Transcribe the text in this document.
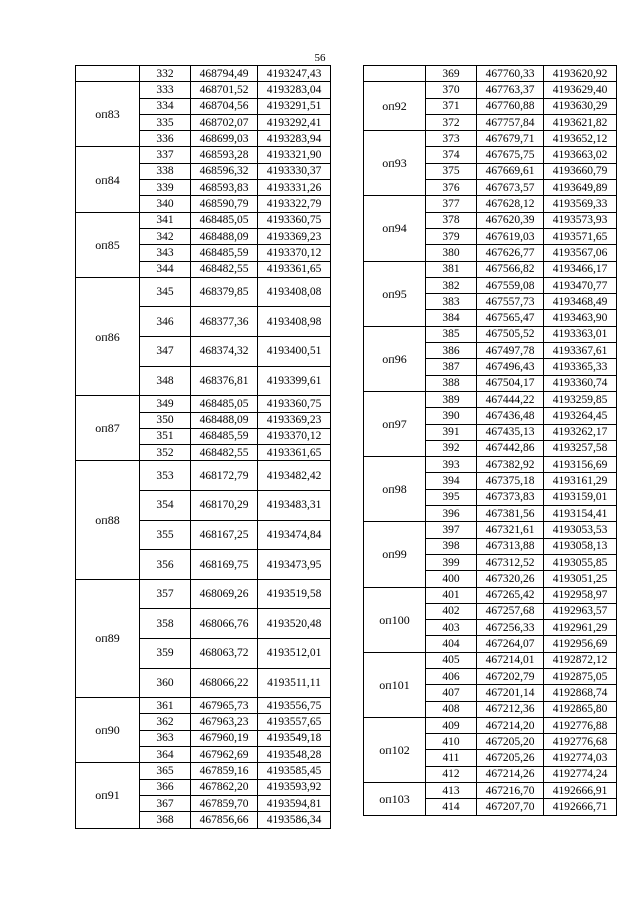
56
	332	468794,49	4193247,43
оп83	333	468701,52	4193283,04
	334	468704,56	4193291,51
	335	468702,07	4193292,41
	336	468699,03	4193283,94
оп84	337	468593,28	4193321,90
	338	468596,32	4193330,37
	339	468593,83	4193331,26
	340	468590,79	4193322,79
оп85	341	468485,05	4193360,75
	342	468488,09	4193369,23
	343	468485,59	4193370,12
	344	468482,55	4193361,65
оп86	345	468379,85	4193408,08
	346	468377,36	4193408,98
	347	468374,32	4193400,51
	348	468376,81	4193399,61
оп87	349	468485,05	4193360,75
	350	468488,09	4193369,23
	351	468485,59	4193370,12
	352	468482,55	4193361,65
оп88	353	468172,79	4193482,42
	354	468170,29	4193483,31
	355	468167,25	4193474,84
	356	468169,75	4193473,95
оп89	357	468069,26	4193519,58
	358	468066,76	4193520,48
	359	468063,72	4193512,01
	360	468066,22	4193511,11
оп90	361	467965,73	4193556,75
	362	467963,23	4193557,65
	363	467960,19	4193549,18
	364	467962,69	4193548,28
оп91	365	467859,16	4193585,45
	366	467862,20	4193593,92
	367	467859,70	4193594,81
	368	467856,66	4193586,34
	369	467760,33	4193620,92
оп92	370	467763,37	4193629,40
	371	467760,88	4193630,29
	372	467757,84	4193621,82
оп93	373	467679,71	4193652,12
	374	467675,75	4193663,02
	375	467669,61	4193660,79
	376	467673,57	4193649,89
оп94	377	467628,12	4193569,33
	378	467620,39	4193573,93
	379	467619,03	4193571,65
	380	467626,77	4193567,06
оп95	381	467566,82	4193466,17
	382	467559,08	4193470,77
	383	467557,73	4193468,49
	384	467565,47	4193463,90
оп96	385	467505,52	4193363,01
	386	467497,78	4193367,61
	387	467496,43	4193365,33
	388	467504,17	4193360,74
оп97	389	467444,22	4193259,85
	390	467436,48	4193264,45
	391	467435,13	4193262,17
	392	467442,86	4193257,58
оп98	393	467382,92	4193156,69
	394	467375,18	4193161,29
	395	467373,83	4193159,01
	396	467381,56	4193154,41
оп99	397	467321,61	4193053,53
	398	467313,88	4193058,13
	399	467312,52	4193055,85
	400	467320,26	4193051,25
оп100	401	467265,42	4192958,97
	402	467257,68	4192963,57
	403	467256,33	4192961,29
	404	467264,07	4192956,69
оп101	405	467214,01	4192872,12
	406	467202,79	4192875,05
	407	467201,14	4192868,74
	408	467212,36	4192865,80
оп102	409	467214,20	4192776,88
	410	467205,20	4192776,68
	411	467205,26	4192774,03
	412	467214,26	4192774,24
оп103	413	467216,70	4192666,91
	414	467207,70	4192666,71
